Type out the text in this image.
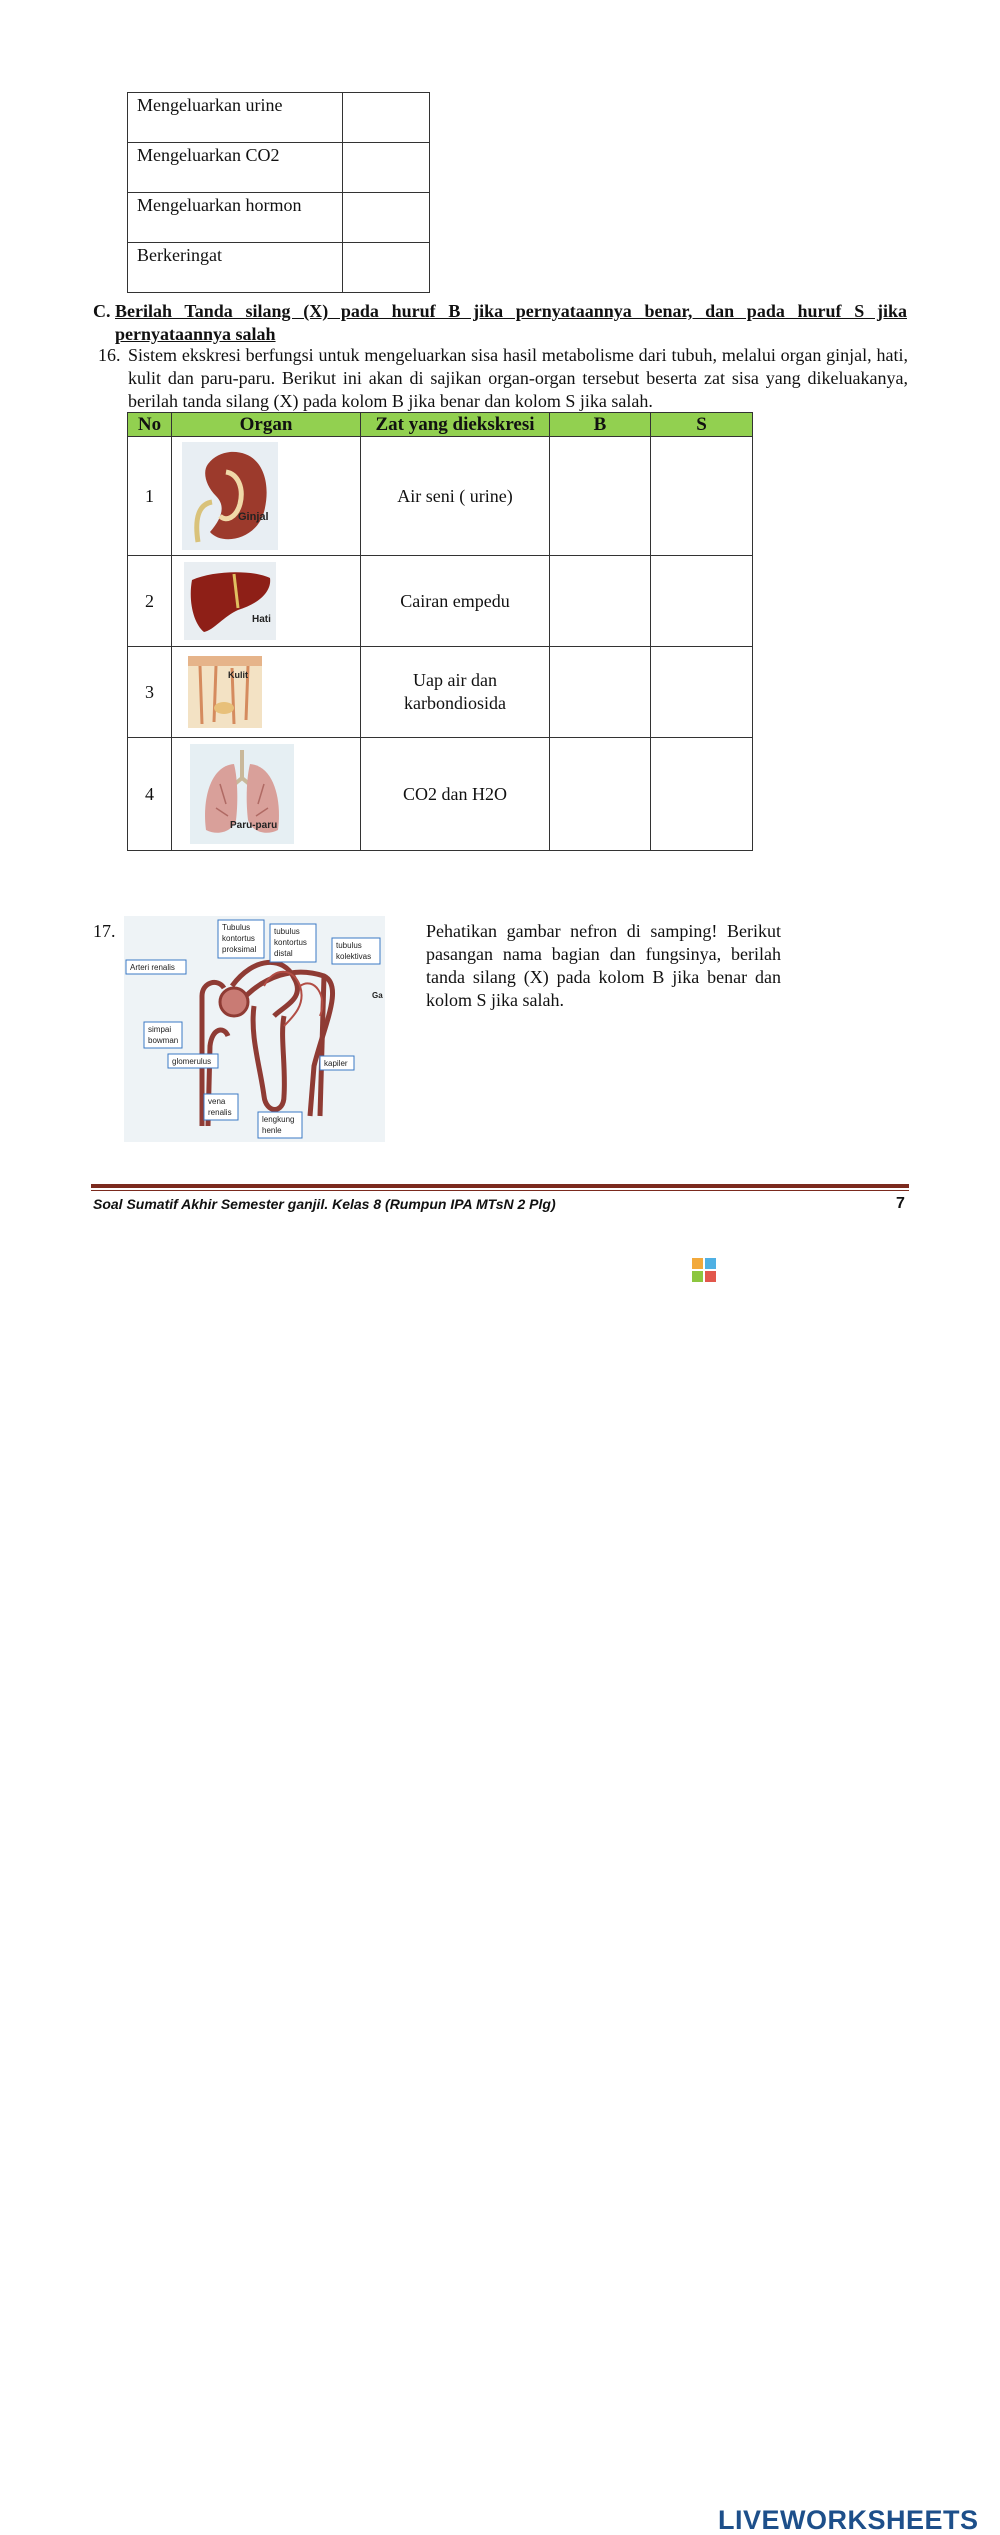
Mengeluarkan urine	
Mengeluarkan CO2	
Mengeluarkan hormon	
Berkeringat	
C. Berilah Tanda silang (X) pada huruf B jika pernyataannya benar, dan pada huruf S jika pernyataannya salah
16. Sistem ekskresi berfungsi untuk mengeluarkan sisa hasil metabolisme dari tubuh, melalui organ ginjal, hati, kulit dan paru-paru. Berikut ini akan di sajikan organ-organ tersebut beserta zat sisa yang dikeluakanya, berilah tanda silang (X) pada kolom B jika benar dan kolom S jika salah.
No	Organ	Zat yang diekskresi	B	S
1	Ginjal	Air seni ( urine)		
2	Hati	Cairan empedu		
3	Kulit	Uap air dan karbondiosida		
4	Paru-paru	CO2 dan H2O		
17.	Tubulus
kontortus
proksimal
tubulus
kontortus
distal
tubulus
kolektivas
Arteri renalis
simpai
bowman
glomerulus	kapiler
vena
renalis
lengkung
henle
Ga
Pehatikan gambar nefron di samping! Berikut pasangan nama bagian dan fungsinya, berilah tanda silang (X) pada kolom B jika benar dan kolom S jika salah.
Soal Sumatif Akhir Semester ganjil. Kelas 8 (Rumpun IPA MTsN 2 Plg)	7
LIVEWORKSHEETS
